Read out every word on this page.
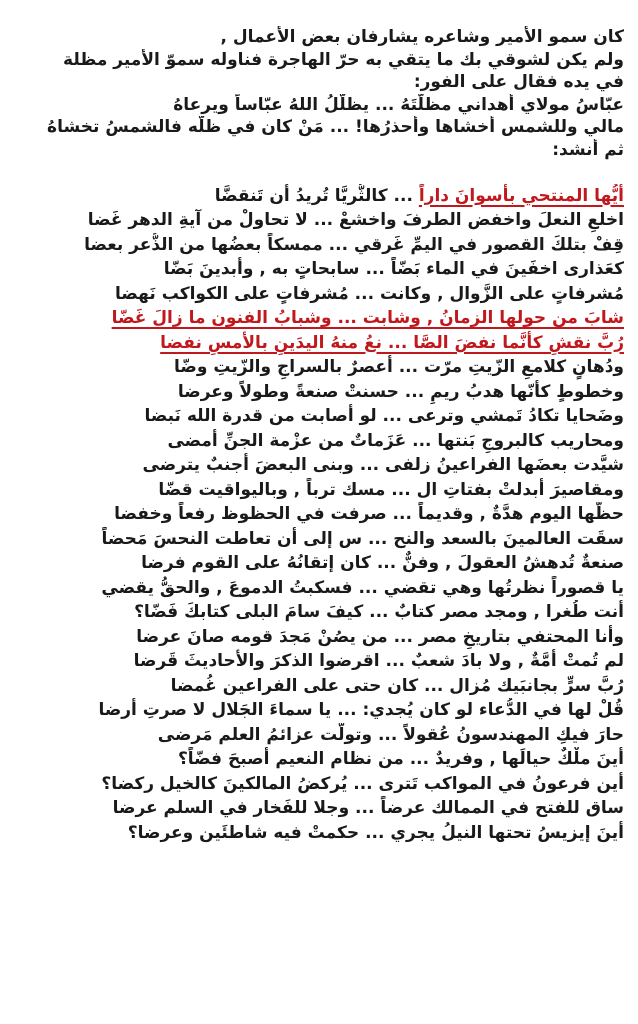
كان سمو الأمير وشاعره يشارفان بعض الأعمال ,
ولم يكن لشوقي بك ما يتقي به حرّ الهاجرة فناوله سموّ الأمير مظلة
في يده فقال على الفور:
عبّاسُ مولاي أهداني مظلّتَهُ ... يظلّلُ اللهُ عبّاساً ويرعاهُ
مالي وللشمس أخشاها وأحذرُها! ... مَنْ كان في ظلّه فالشمسُ تخشاهُ
ثم أنشد:
أيُّها المنتحي بأسوانَ داراً ... كالثُّريَّا تُريدُ أن تَنقضَّا
اخلعِ النعلَ واخفض الطرفَ واخشعْ ... لا تحاولْ من آيةِ الدهر غَضا
قِفْ بتلكَ القصور في اليمِّ غَرقي ... ممسكاً بعضُها من الذُّعر بعضا
كعَذارى اخفَينَ في الماء بَضّاً ... سابحاتٍ به , وأبدينَ بَضّا
مُشرفاتٍ على الزَّوال , وكانت ... مُشرفاتٍ على الكواكب نَهضا
شابَ من حولها الزمانُ , وشابت ... وشبابُ الفنون ما زالَ غَضّا
رُبَّ نقشٍ كأنَّما نفضَ الصَّا ... نعُ منهُ اليدَينِ بالأمسِ نفضا
ودُهانٍ كلامعِ الزّيتِ مرّت ... أعصرٌ بالسراجِ والزّيتِ وضّا
وخطوطٍ كأنّها هدبُ ريمٍ ... حسنتْ صنعةً وطولاً وعرضا
وضَحايا تكادُ تَمشي وترعى ... لو أصابت من قدرة الله نَبضا
ومحاريب كالبروجِ بَنتها ... عَزَماتٌ من عزْمة الجنِّ أمضى
شيَّدت بعضَها الفراعينُ زلفى ... وبنى البعضَ أجنبٌ يترضى
ومقاصيرَ أبدلتْ بفتاتِ ال ... مسك ترباً , وباليواقيت قضّا
حظُّها اليوم هدَّةٌ , وقديماً ... صرفت في الحظوظ رفعاً وخفضا
سقَت العالمينَ بالسعد والنح ... س إلى أن تعاطت النحسَ مَحضاً
صنعةٌ تُدهشُ العقولَ , وفنٌّ ... كان إتقانُهُ على القوم فرضا
يا قصوراً نظرتُها وهي تقضي ... فسكبتُ الدموعَ , والحقُّ يقضي
أنت طُغرا , ومجد مصر كتابٌ ... كيفَ سامَ البلى كتابكَ فَضّا؟
وأنا المحتفي بتاريخِ مصر ... من يصُنْ مَجدَ قومه صانَ عرضا
لم تُمتْ أمَّةٌ , ولا بادَ شعبٌ ... اقرضوا الذكرَ والأحاديثَ قَرضا
رُبَّ سرٍّ بجانبَيك مُزال ... كان حتى على الفراعين غُمضا
قُلْ لها في الدُّعاء لو كان يُجدي: ... يا سماءَ الجَلال لا صرتِ أرضا
حارَ فيكِ المهندسونُ عُقولاً ... وتولَّت عزائمُ العلم مَرضى
أينَ ملْكٌ حيالَها , وفريدٌ ... من نظام النعيم أصبحَ فضّاً؟
أين فرعونُ في المواكب تَترى ... يُركضُ المالكينَ كالخيل ركضا؟
ساق للفتح في الممالك عرضاً ... وجلا للفَخار في السلم عرضا
أينَ إيزيسُ تحتها النيلُ يجري ... حكمتْ فيه شاطئَين وعرضا؟
